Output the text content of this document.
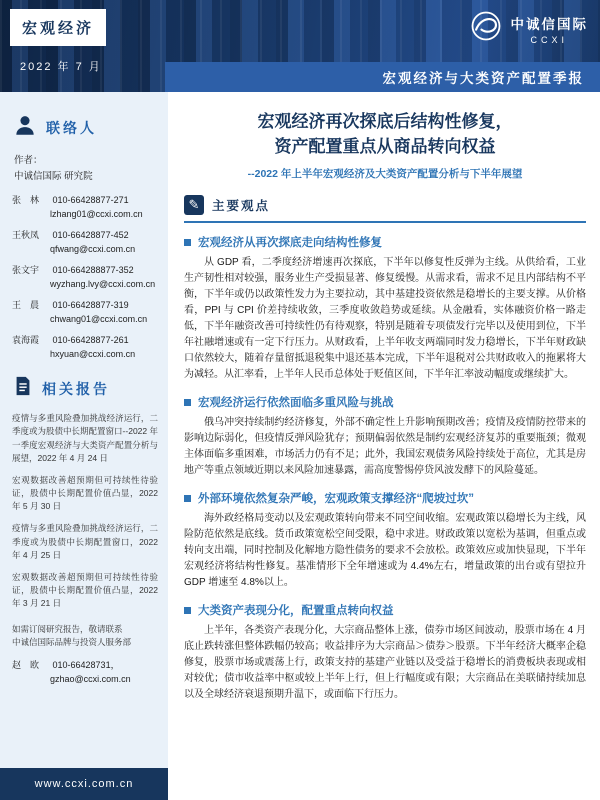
宏观经济
2022 年 7 月
中诚信国际
CCXI
宏观经济与大类资产配置季报
联络人
作者：
中诚信国际 研究院
张　林 010-66428877-271
lzhang01@ccxi.com.cn
王秋凤 010-66428877-452
qfwang@ccxi.com.cn
张文宇 010-664288877-352
wyzhang.lvy@ccxi.com.cn
王　晨 010-66428877-319
chwang01@ccxi.com.cn
袁海霞 010-66428877-261
hxyuan@ccxi.com.cn
相关报告

疫情与多重风险叠加挑战经济运行，二季度或为股债中长期配置窗口--2022 年一季度宏观经济与大类资产配置分析与展望，2022 年 4 月 24 日

宏观数据改善超预期但可持续性待验证，股债中长期配置价值凸显，2022 年 5 月 30 日

疫情与多重风险叠加挑战经济运行，二季度或为股债中长期配置窗口，2022 年 4 月 25 日

宏观数据改善超预期但可持续性待验证，股债中长期配置价值凸显，2022 年 3 月 21 日

如需订阅研究报告，敬请联系
中诚信国际品牌与投资人服务部
赵　欧 010-66428731，
gzhao@ccxi.com.cn
宏观经济再次探底后结构性修复，
资产配置重点从商品转向权益
--2022 年上半年宏观经济及大类资产配置分析与下半年展望
✎	主要观点
宏观经济从再次探底走向结构性修复

从 GDP 看，二季度经济增速再次探底，下半年以修复性反弹为主线。从供给看，工业生产韧性相对较强，服务业生产受损显著、修复缓慢。从需求看，需求不足且内部结构不平衡，下半年或仍以政策性发力为主要拉动，其中基建投资依然是稳增长的主要支撑。从价格看，PPI 与 CPI 价差持续收敛，三季度收敛趋势或延续。从金融看，实体融资价格一路走低，下半年融资改善可持续性仍有待观察，特别是随着专项债发行完毕以及使用到位，下半年社融增速或有一定下行压力。从财政看，上半年收支两端同时发力稳增长，下半年财政缺口依然较大，随着存量留抵退税集中退还基本完成，下半年退税对公共财政收入的拖累将大为减轻。从汇率看，上半年人民币总体处于贬值区间，下半年汇率波动幅度或继续扩大。

宏观经济运行依然面临多重风险与挑战

俄乌冲突持续制约经济修复，外部不确定性上升影响预期改善；疫情及疫情防控带来的影响边际弱化，但疫情反弹风险犹存；预期偏弱依然是制约宏观经济复苏的重要瓶颈；微观主体面临多重困难，市场活力仍有不足；此外，我国宏观债务风险持续处于高位，尤其是房地产等重点领域近期以来风险加速暴露，需高度警惕停贷风波发酵下的风险蔓延。

外部环境依然复杂严峻，宏观政策支撑经济“爬坡过坎”

海外政经格局变动以及宏观政策转向带来不同空间收缩。宏观政策以稳增长为主线，风险防范依然是底线。货币政策宽松空间受限，稳中求进。财政政策以宽松为基调，但重点或转向支出端，同时控制及化解地方隐性债务的要求不会放松。政策效应或加快显现，下半年宏观经济将结构性修复。基准情形下全年增速或为 4.4%左右，增量政策的出台或有望拉升 GDP 增速至 4.8%以上。

大类资产表现分化，配置重点转向权益

上半年，各类资产表现分化，大宗商品整体上涨，债券市场区间波动，股票市场在 4 月底止跌转涨但整体跌幅仍较高；收益排序为大宗商品＞债券＞股票。下半年经济大概率企稳修复，股票市场或震荡上行，政策支持的基建产业链以及受益于稳增长的消费板块表现或相对较优；债市收益率中枢或较上半年上行，但上行幅度或有限；大宗商品在美联储持续加息以及全球经济衰退预期升温下，或面临下行压力。

www.ccxi.com.cn
